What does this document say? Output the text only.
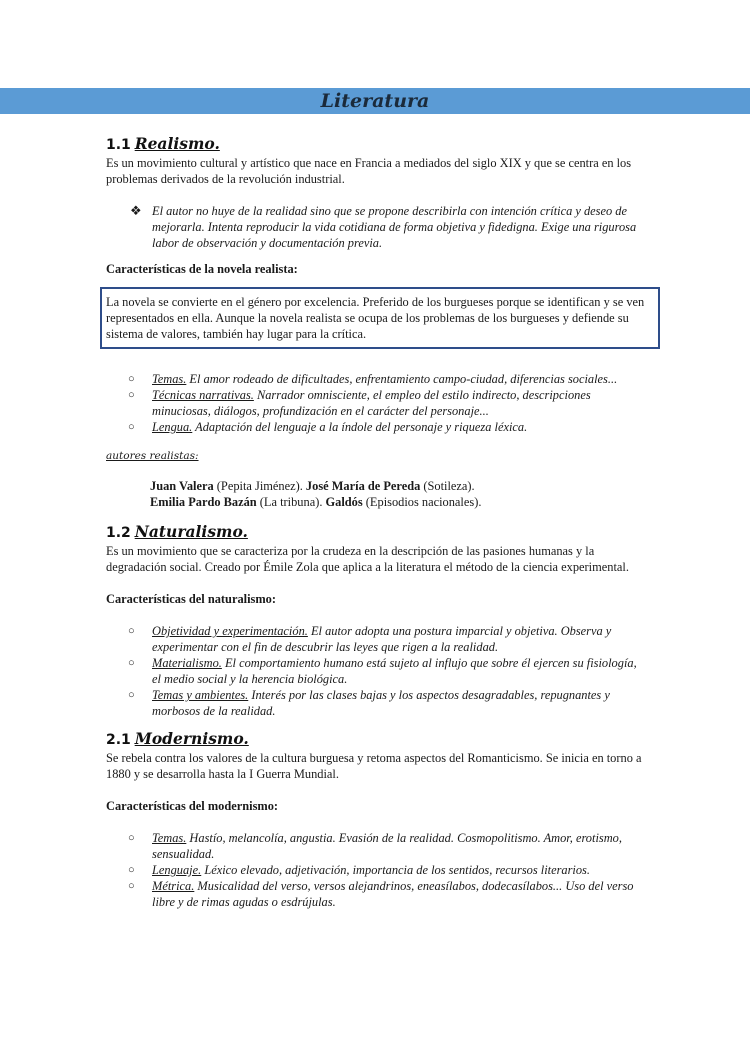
Literatura
1.1 Realismo.

Es un movimiento cultural y artístico que nace en Francia a mediados del siglo XIX y que se centra en los problemas derivados de la revolución industrial.

❖ El autor no huye de la realidad sino que se propone describirla con intención crítica y deseo de mejorarla. Intenta reproducir la vida cotidiana de forma objetiva y fidedigna. Exige una rigurosa labor de observación y documentación previa.

Características de la novela realista:

La novela se convierte en el género por excelencia. Preferido de los burgueses porque se identifican y se ven representados en ella. Aunque la novela realista se ocupa de los problemas de los burgueses y defiende su sistema de valores, también hay lugar para la crítica.
○ Temas. El amor rodeado de dificultades, enfrentamiento campo-ciudad, diferencias sociales...
○ Técnicas narrativas. Narrador omnisciente, el empleo del estilo indirecto, descripciones minuciosas, diálogos, profundización en el carácter del personaje...
○ Lengua. Adaptación del lenguaje a la índole del personaje y riqueza léxica.

autores realistas:

Juan Valera (Pepita Jiménez). José María de Pereda (Sotileza).
Emilia Pardo Bazán (La tribuna). Galdós (Episodios nacionales).
1.2 Naturalismo.

Es un movimiento que se caracteriza por la crudeza en la descripción de las pasiones humanas y la degradación social. Creado por Émile Zola que aplica a la literatura el método de la ciencia experimental.

Características del naturalismo:

○ Objetividad y experimentación. El autor adopta una postura imparcial y objetiva. Observa y experimentar con el fin de descubrir las leyes que rigen a la realidad.
○ Materialismo. El comportamiento humano está sujeto al influjo que sobre él ejercen su fisiología, el medio social y la herencia biológica.
○ Temas y ambientes. Interés por las clases bajas y los aspectos desagradables, repugnantes y morbosos de la realidad.
2.1 Modernismo.

Se rebela contra los valores de la cultura burguesa y retoma aspectos del Romanticismo. Se inicia en torno a 1880 y se desarrolla hasta la I Guerra Mundial.

Características del modernismo:

○ Temas. Hastío, melancolía, angustia. Evasión de la realidad. Cosmopolitismo. Amor, erotismo, sensualidad.
○ Lenguaje. Léxico elevado, adjetivación, importancia de los sentidos, recursos literarios.
○ Métrica. Musicalidad del verso, versos alejandrinos, eneasílabos, dodecasílabos... Uso del verso libre y de rimas agudas o esdrújulas.
